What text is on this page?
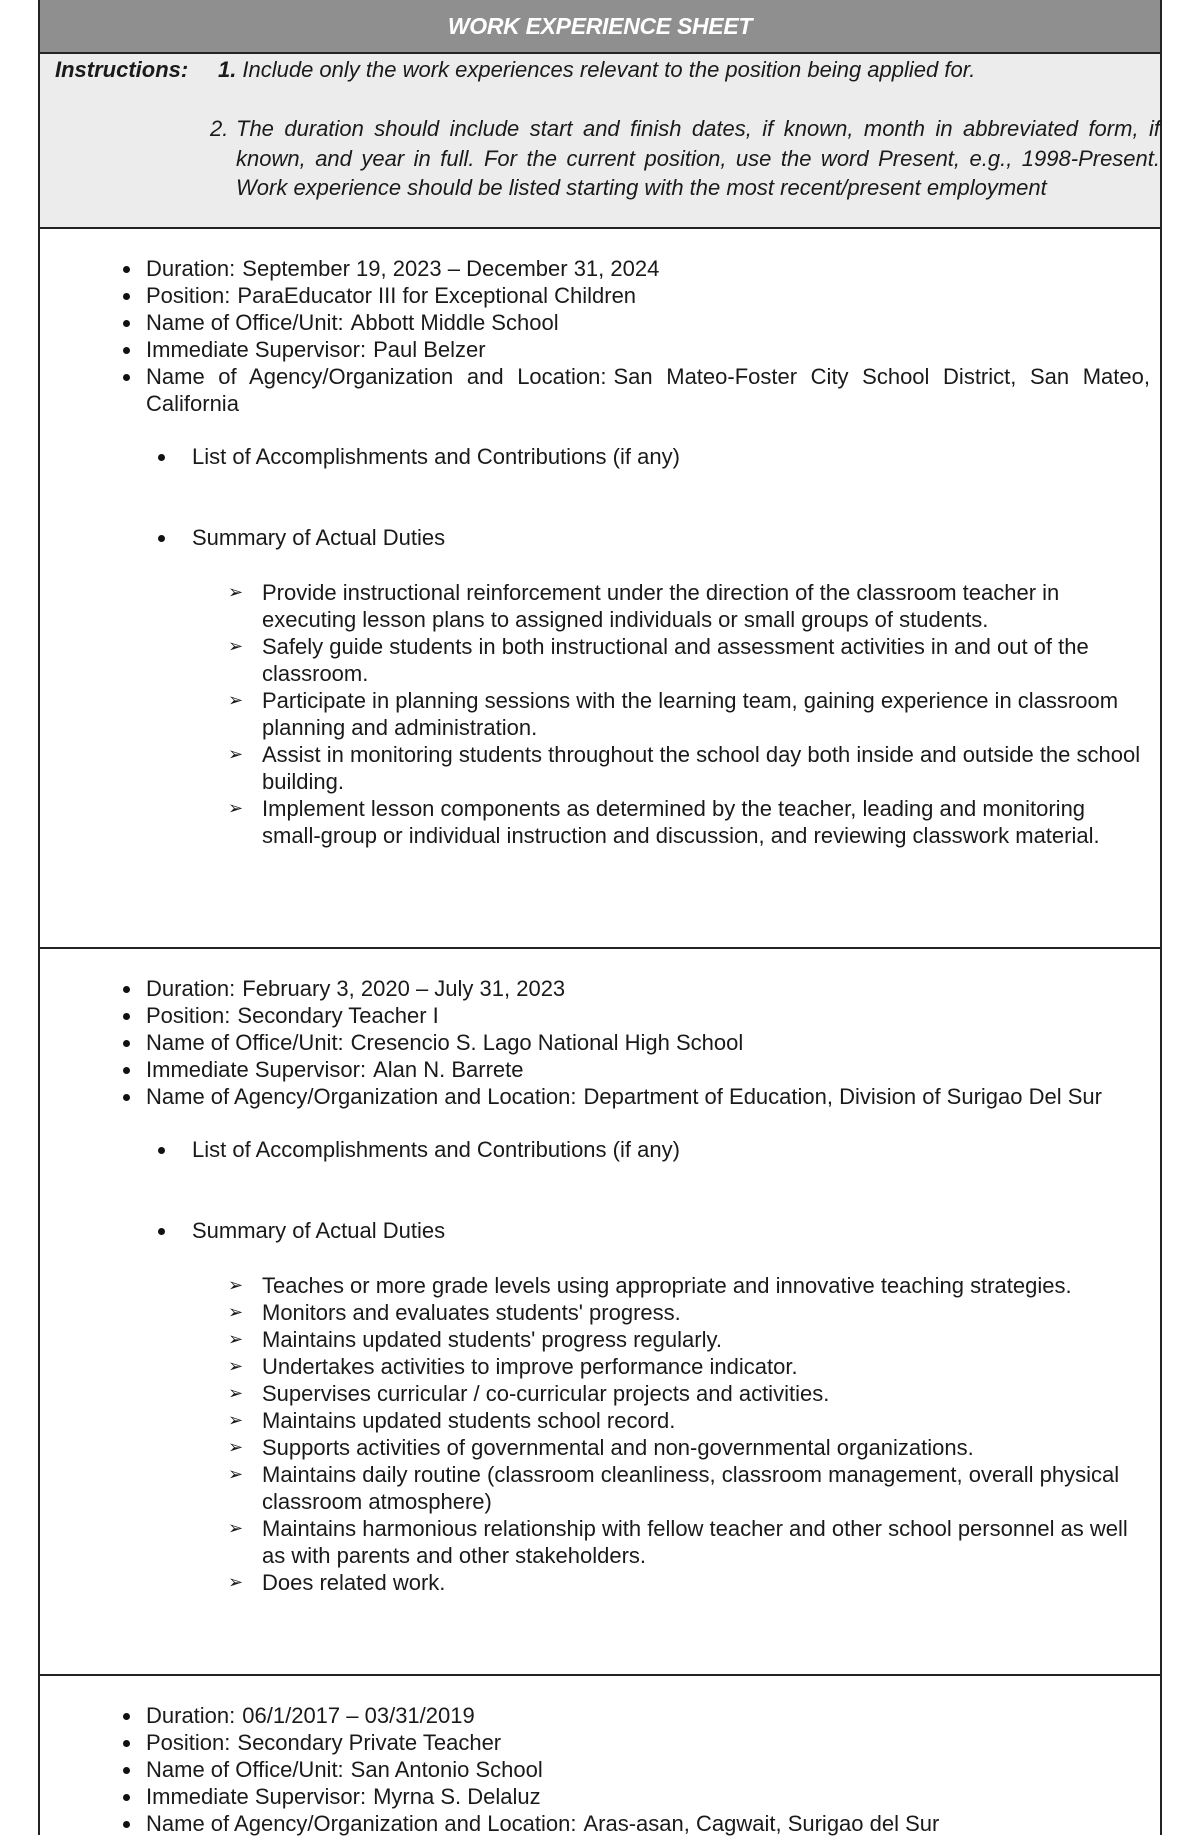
WORK EXPERIENCE SHEET
Instructions: 1. Include only the work experiences relevant to the position being applied for.
2. The duration should include start and finish dates, if known, month in abbreviated form, if known, and year in full. For the current position, use the word Present, e.g., 1998-Present. Work experience should be listed starting with the most recent/present employment
Duration: September 19, 2023 – December 31, 2024
Position: ParaEducator III for Exceptional Children
Name of Office/Unit: Abbott Middle School
Immediate Supervisor: Paul Belzer
Name of Agency/Organization and Location: San Mateo-Foster City School District, San Mateo, California
List of Accomplishments and Contributions (if any)
Summary of Actual Duties
➢ Provide instructional reinforcement under the direction of the classroom teacher in executing lesson plans to assigned individuals or small groups of students.
➢ Safely guide students in both instructional and assessment activities in and out of the classroom.
➢ Participate in planning sessions with the learning team, gaining experience in classroom planning and administration.
➢ Assist in monitoring students throughout the school day both inside and outside the school building.
➢ Implement lesson components as determined by the teacher, leading and monitoring small-group or individual instruction and discussion, and reviewing classwork material.
Duration: February 3, 2020 – July 31, 2023
Position: Secondary Teacher I
Name of Office/Unit: Cresencio S. Lago National High School
Immediate Supervisor: Alan N. Barrete
Name of Agency/Organization and Location: Department of Education, Division of Surigao Del Sur
List of Accomplishments and Contributions (if any)
Summary of Actual Duties
➢ Teaches or more grade levels using appropriate and innovative teaching strategies.
➢ Monitors and evaluates students' progress.
➢ Maintains updated students' progress regularly.
➢ Undertakes activities to improve performance indicator.
➢ Supervises curricular / co-curricular projects and activities.
➢ Maintains updated students school record.
➢ Supports activities of governmental and non-governmental organizations.
➢ Maintains daily routine (classroom cleanliness, classroom management, overall physical classroom atmosphere)
➢ Maintains harmonious relationship with fellow teacher and other school personnel as well as with parents and other stakeholders.
➢ Does related work.
Duration: 06/1/2017 – 03/31/2019
Position: Secondary Private Teacher
Name of Office/Unit: San Antonio School
Immediate Supervisor: Myrna S. Delaluz
Name of Agency/Organization and Location: Aras-asan, Cagwait, Surigao del Sur
